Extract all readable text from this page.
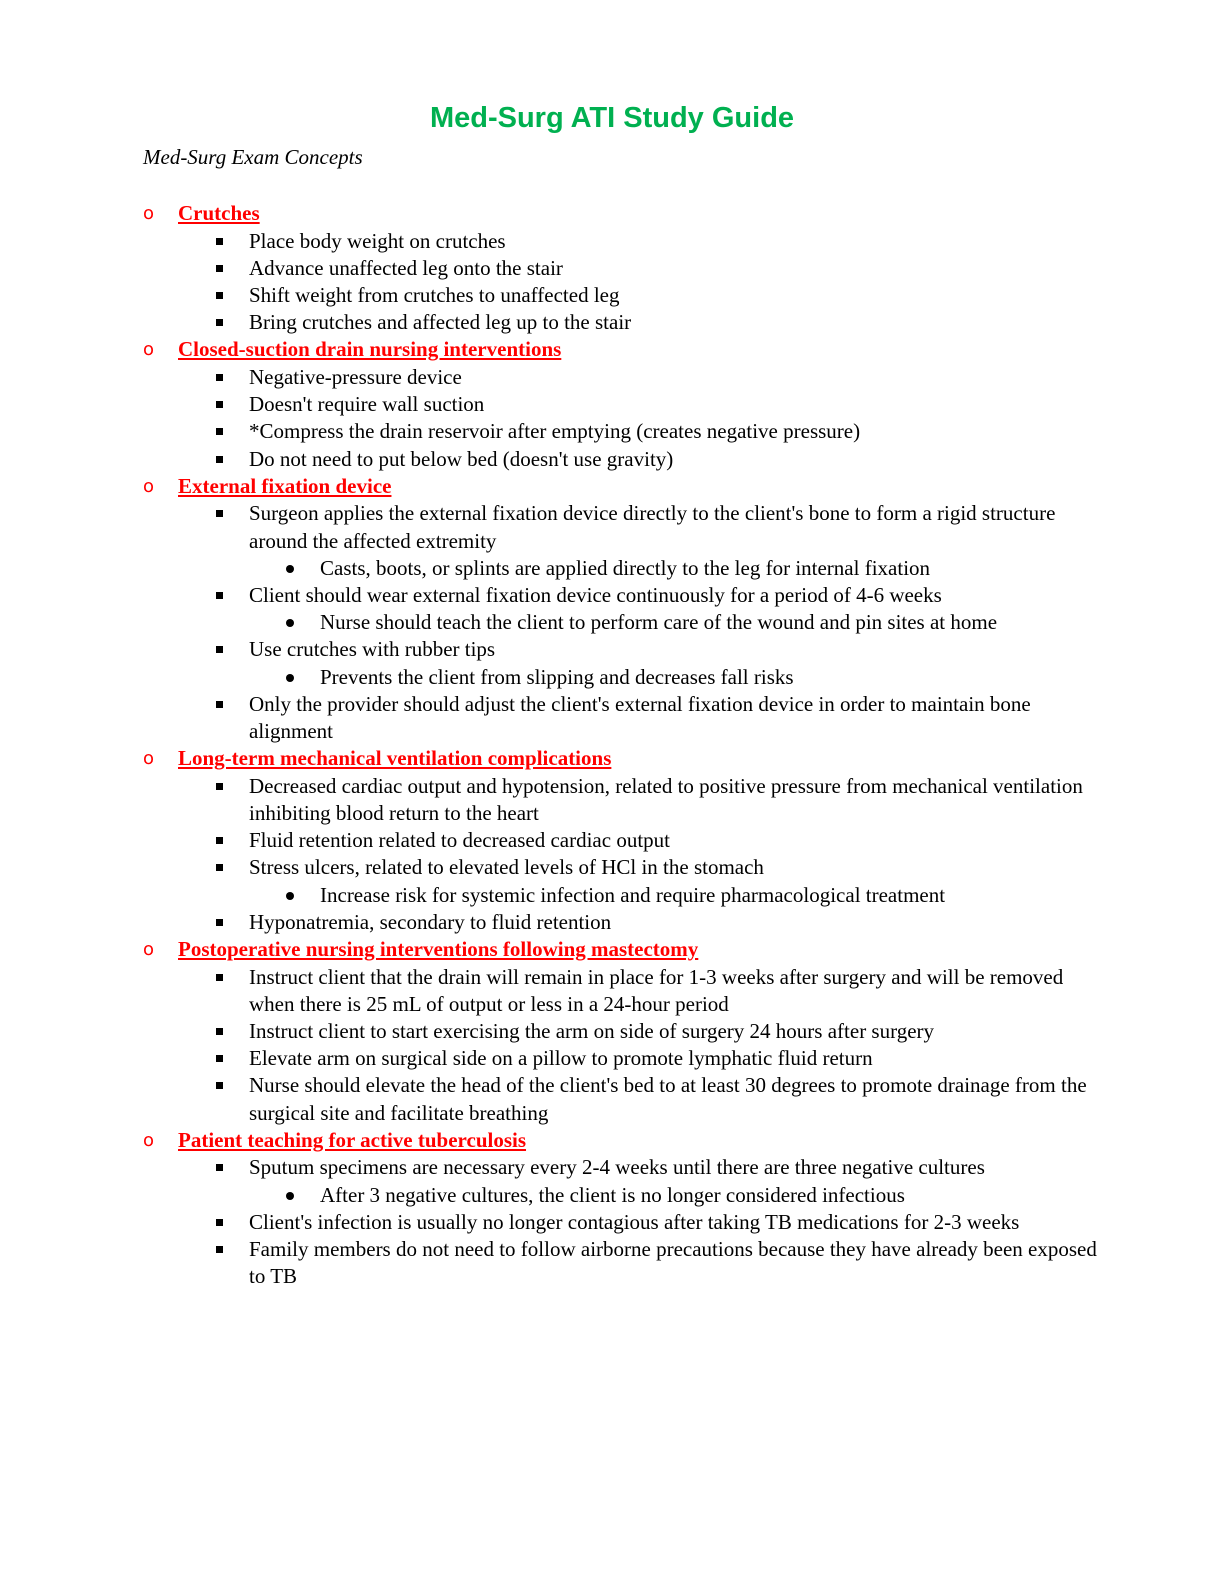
Med-Surg ATI Study Guide

Med-Surg Exam Concepts

o	Crutches
Place body weight on crutches
Advance unaffected leg onto the stair
Shift weight from crutches to unaffected leg
Bring crutches and affected leg up to the stair
o	Closed-suction drain nursing interventions
Negative-pressure device
Doesn't require wall suction
*Compress the drain reservoir after emptying (creates negative pressure)
Do not need to put below bed (doesn't use gravity)
o	External fixation device
Surgeon applies the external fixation device directly to the client's bone to form a rigid structure around the affected extremity
Casts, boots, or splints are applied directly to the leg for internal fixation
Client should wear external fixation device continuously for a period of 4-6 weeks
Nurse should teach the client to perform care of the wound and pin sites at home
Use crutches with rubber tips
Prevents the client from slipping and decreases fall risks
Only the provider should adjust the client's external fixation device in order to maintain bone alignment
o	Long-term mechanical ventilation complications
Decreased cardiac output and hypotension, related to positive pressure from mechanical ventilation inhibiting blood return to the heart
Fluid retention related to decreased cardiac output
Stress ulcers, related to elevated levels of HCl in the stomach
Increase risk for systemic infection and require pharmacological treatment
Hyponatremia, secondary to fluid retention
o	Postoperative nursing interventions following mastectomy
Instruct client that the drain will remain in place for 1-3 weeks after surgery and will be removed when there is 25 mL of output or less in a 24-hour period
Instruct client to start exercising the arm on side of surgery 24 hours after surgery
Elevate arm on surgical side on a pillow to promote lymphatic fluid return
Nurse should elevate the head of the client's bed to at least 30 degrees to promote drainage from the surgical site and facilitate breathing
o	Patient teaching for active tuberculosis
Sputum specimens are necessary every 2-4 weeks until there are three negative cultures
After 3 negative cultures, the client is no longer considered infectious
Client's infection is usually no longer contagious after taking TB medications for 2-3 weeks
Family members do not need to follow airborne precautions because they have already been exposed to TB
